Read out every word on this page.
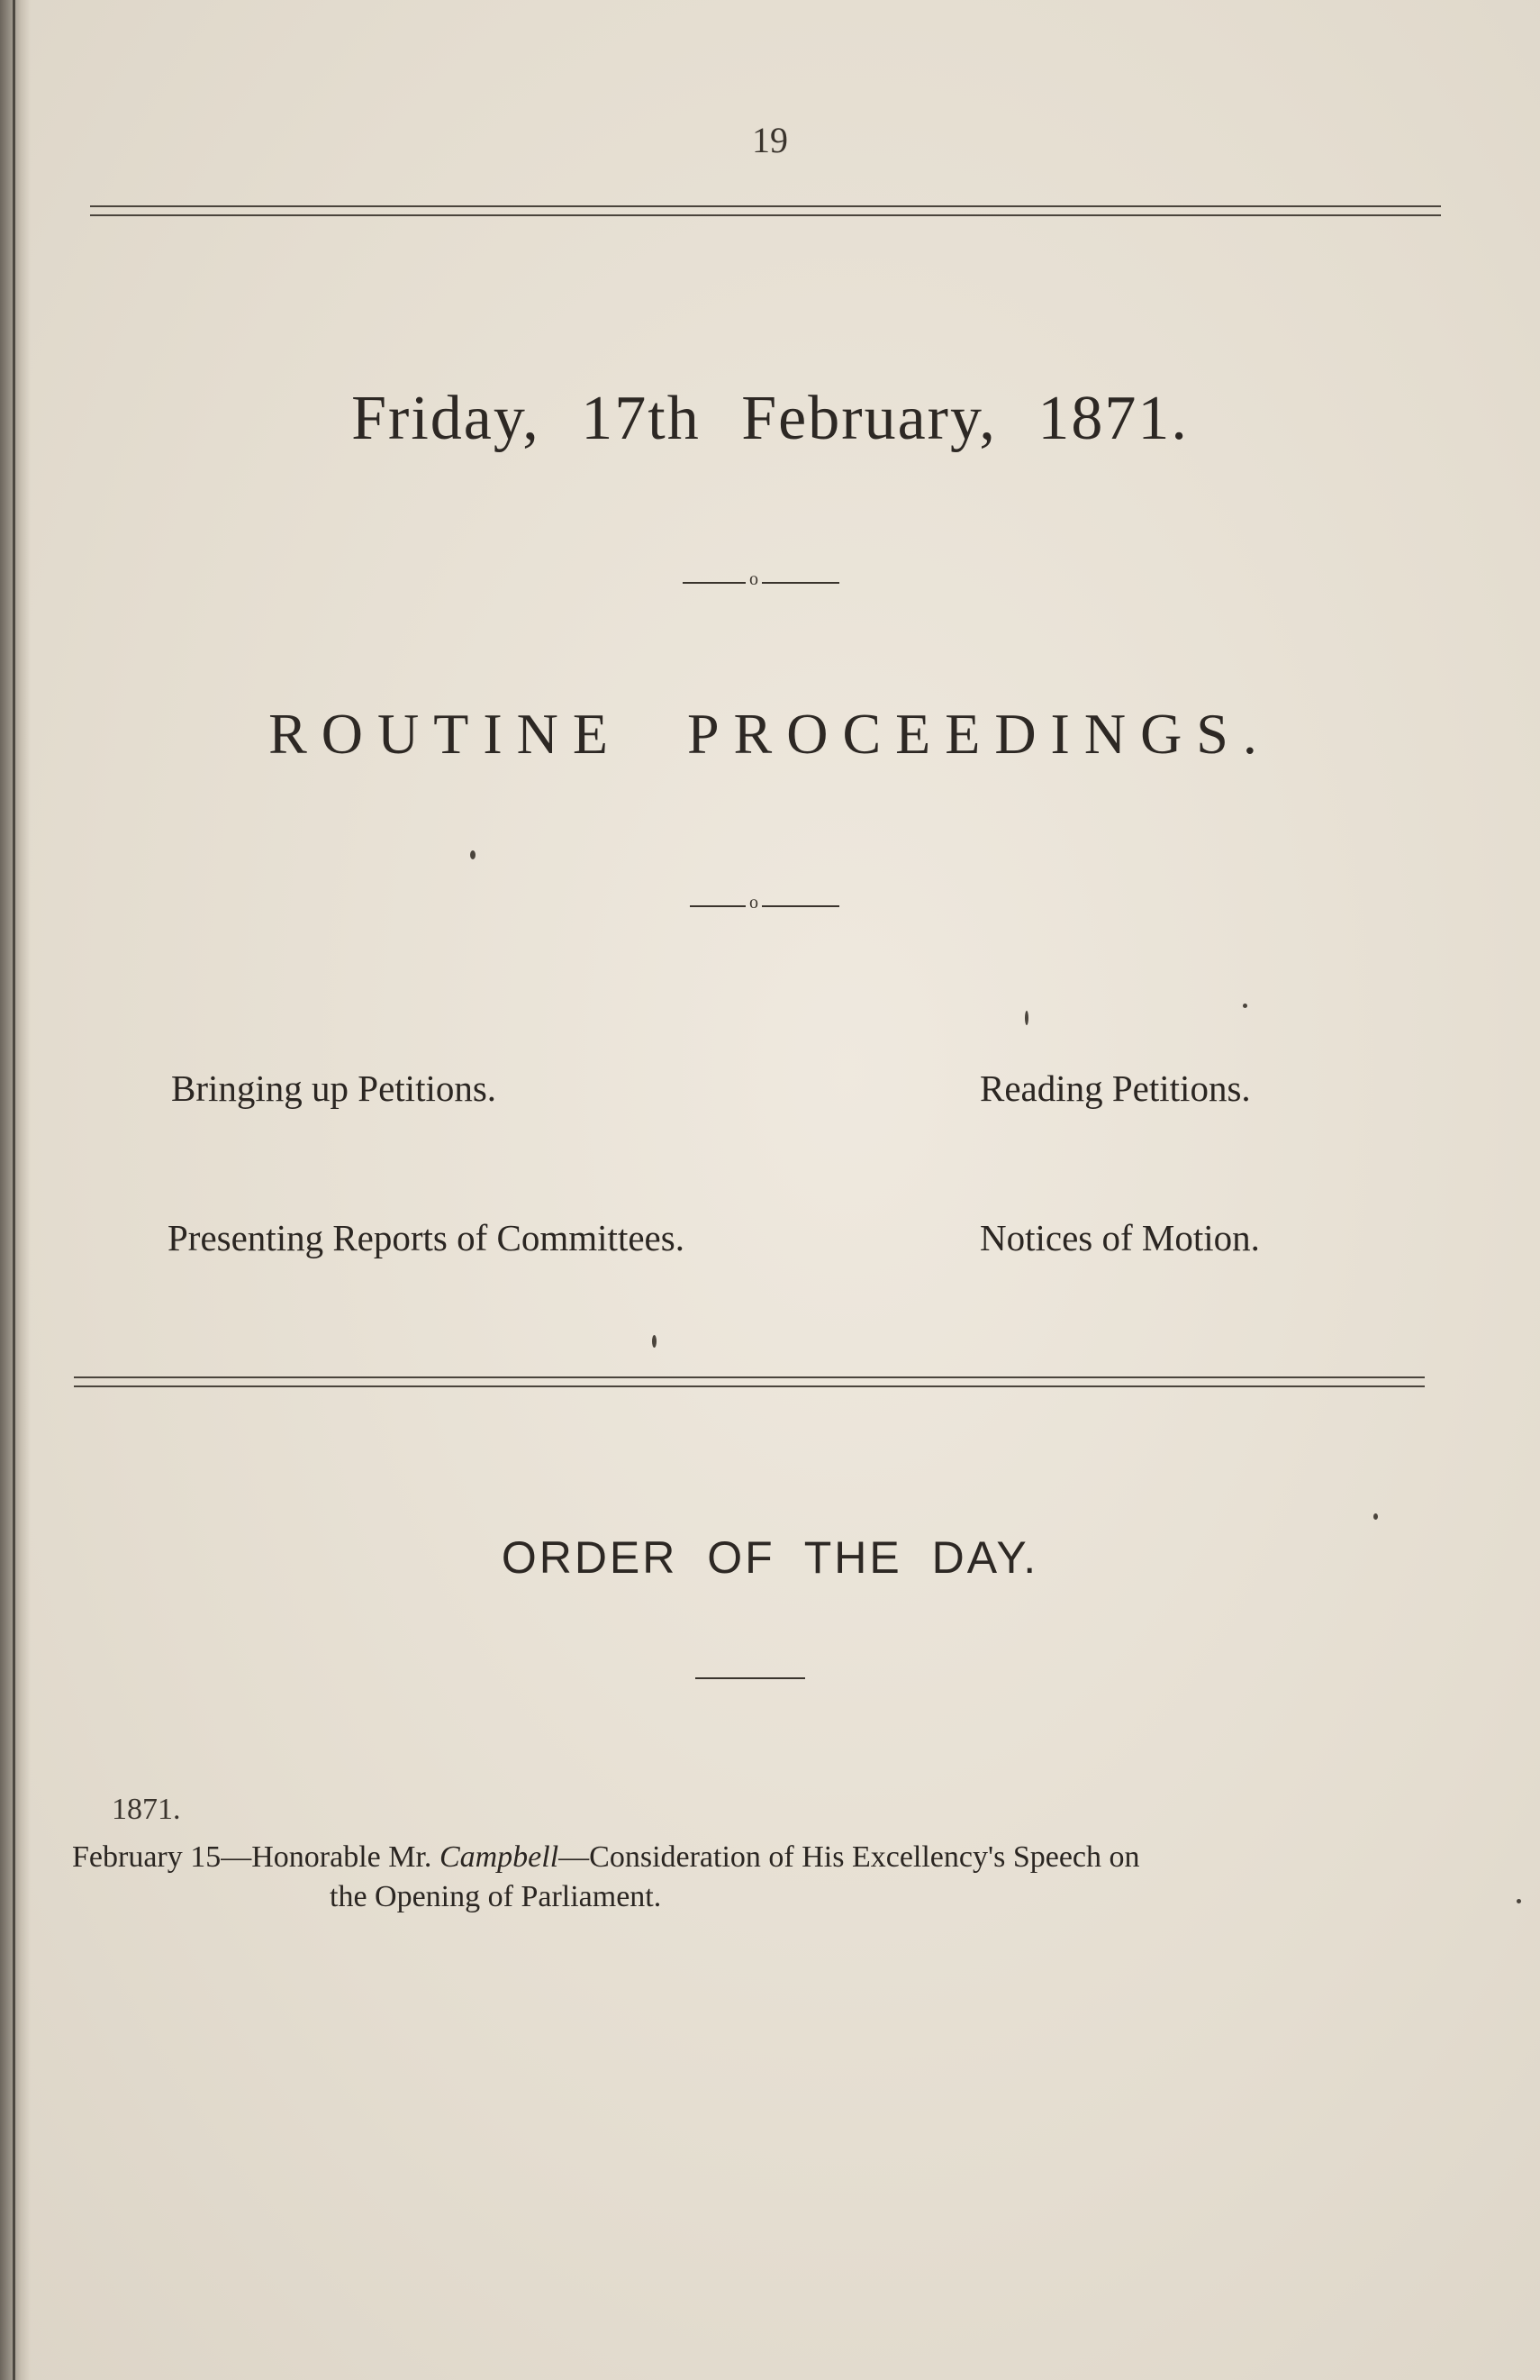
19
Friday, 17th February, 1871.
o
ROUTINE PROCEEDINGS.
o
Bringing up Petitions.	Reading Petitions.
Presenting Reports of Committees.	Notices of Motion.
ORDER OF THE DAY.
1871.
February 15—Honorable Mr. Campbell—Consideration of His Excellency's Speech on
the Opening of Parliament.
